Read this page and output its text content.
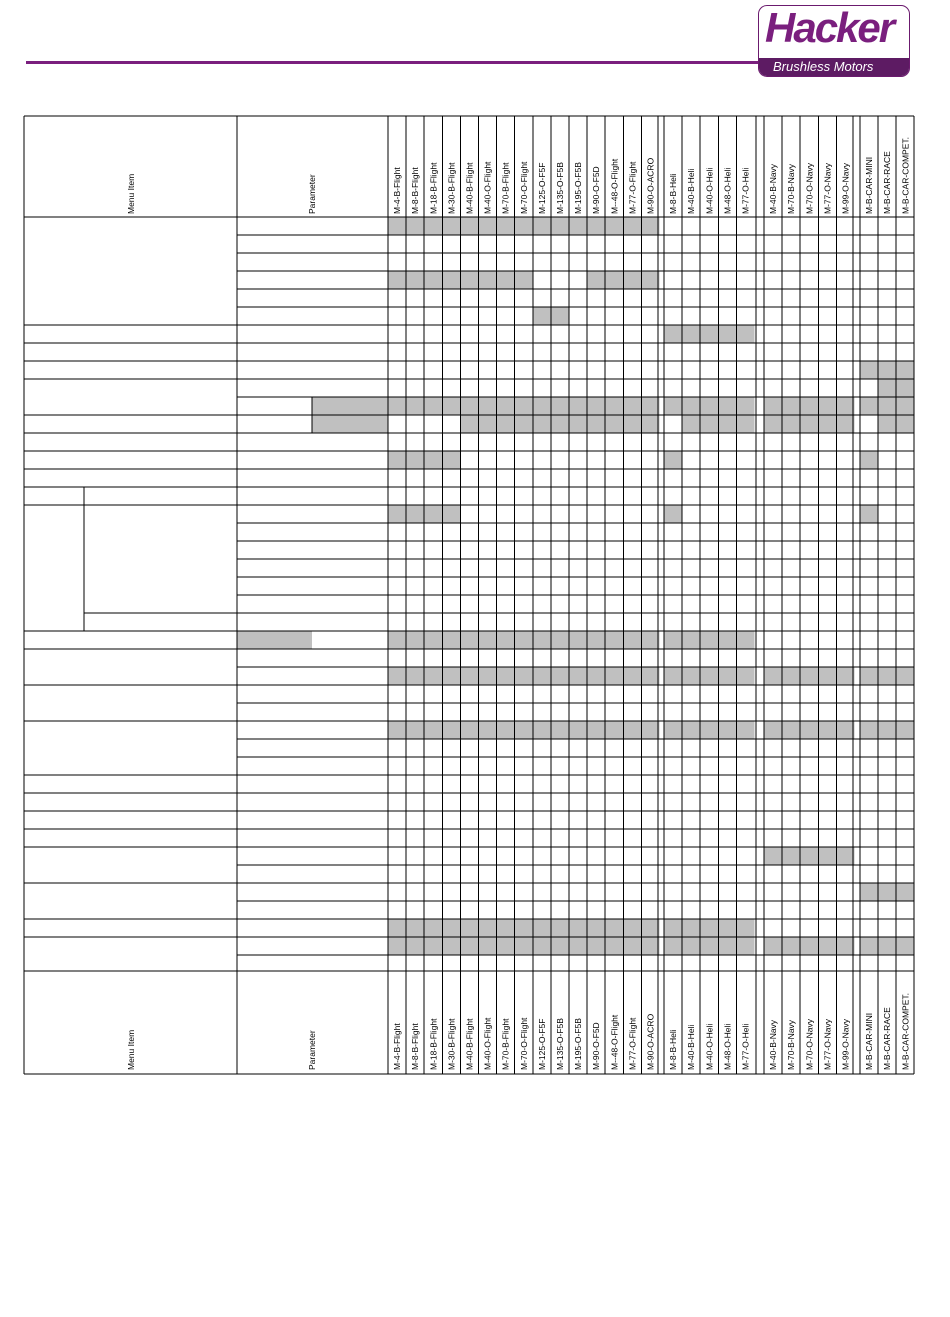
Hacker
Brushless Motors
Menu Item	Parameter
Menu Item	Parameter
M-4-B-Flight M-8-B-Flight M-18-B-Flight M-30-B-Flight M-40-B-Flight M-40-O-Flight M-70-B-Flight M-70-O-Flight M-125-O-F5F M-135-O-F5B M-195-O-F5B M-90-O-F5D M--48-O-Flight M-77-O-Flight M-90-O-ACRO M-8-B-Heli M-40-B-Heli M-40-O-Heli M-48-O-Heli M-77-O-Heli M-40-B-Navy M-70-B-Navy M-70-O-Navy M-77-O-Navy M-99-O-Navy M-B-CAR-MINI M-B-CAR-RACE M-B-CAR-COMPET.
M-4-B-Flight M-8-B-Flight M-18-B-Flight M-30-B-Flight M-40-B-Flight M-40-O-Flight M-70-B-Flight M-70-O-Flight M-125-O-F5F M-135-O-F5B M-195-O-F5B M-90-O-F5D M--48-O-Flight M-77-O-Flight M-90-O-ACRO M-8-B-Heli M-40-B-Heli M-40-O-Heli M-48-O-Heli M-77-O-Heli M-40-B-Navy M-70-B-Navy M-70-O-Navy M-77-O-Navy M-99-O-Navy M-B-CAR-MINI M-B-CAR-RACE M-B-CAR-COMPET.
